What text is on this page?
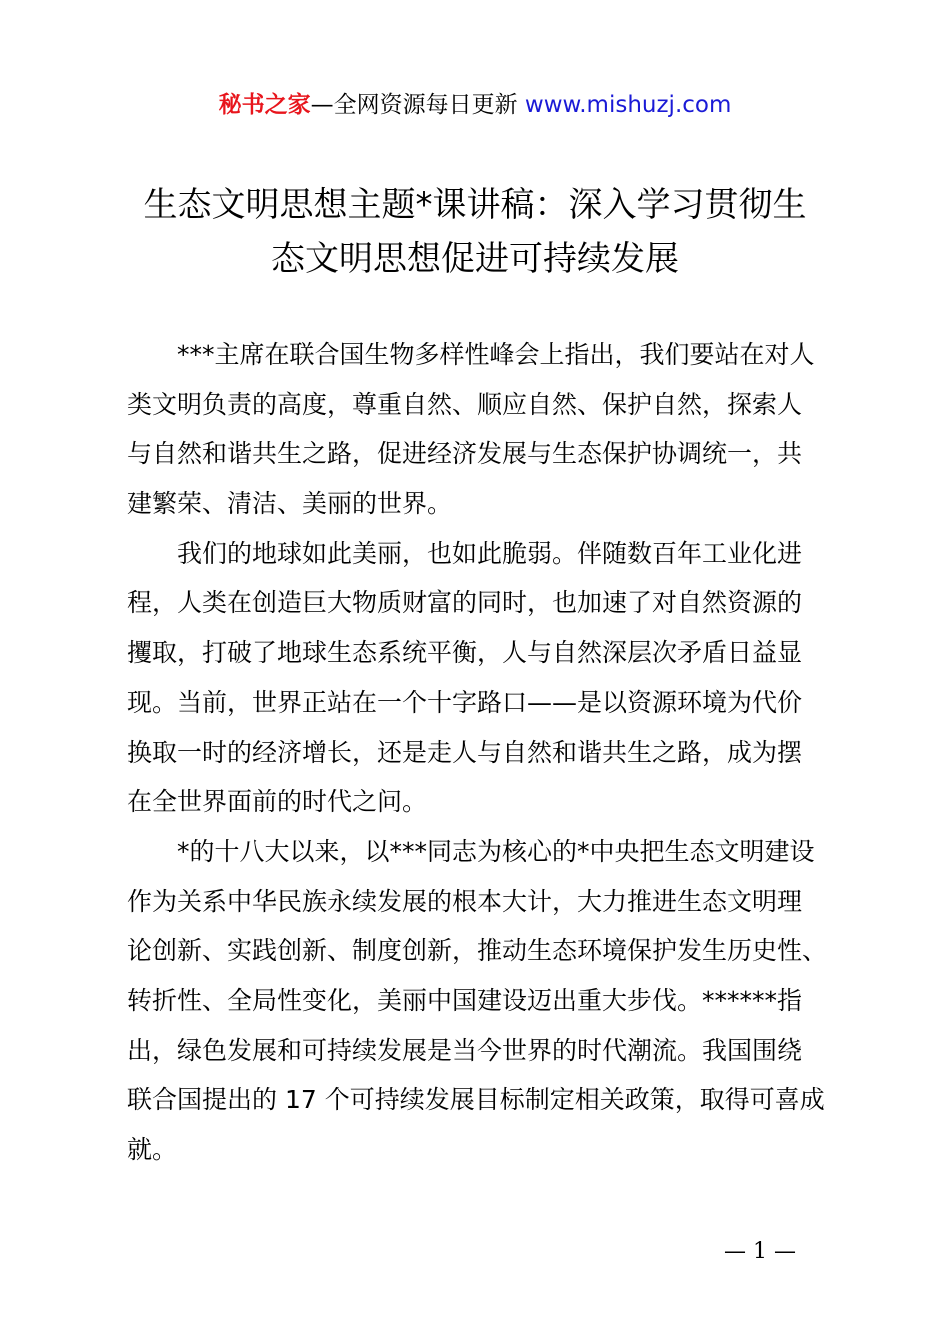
秘书之家—全网资源每日更新 www.mishuzj.com
生态文明思想主题*课讲稿：深入学习贯彻生
态文明思想促进可持续发展
***主席在联合国生物多样性峰会上指出，我们要站在对人
类文明负责的高度，尊重自然、顺应自然、保护自然，探索人
与自然和谐共生之路，促进经济发展与生态保护协调统一，共
建繁荣、清洁、美丽的世界。
我们的地球如此美丽，也如此脆弱。伴随数百年工业化进
程，人类在创造巨大物质财富的同时，也加速了对自然资源的
攫取，打破了地球生态系统平衡，人与自然深层次矛盾日益显
现。当前，世界正站在一个十字路口——是以资源环境为代价
换取一时的经济增长，还是走人与自然和谐共生之路，成为摆
在全世界面前的时代之问。
*的十八大以来，以***同志为核心的*中央把生态文明建设
作为关系中华民族永续发展的根本大计，大力推进生态文明理
论创新、实践创新、制度创新，推动生态环境保护发生历史性、
转折性、全局性变化，美丽中国建设迈出重大步伐。******指
出，绿色发展和可持续发展是当今世界的时代潮流。我国围绕
联合国提出的 17 个可持续发展目标制定相关政策，取得可喜成
就。
— 1 —
